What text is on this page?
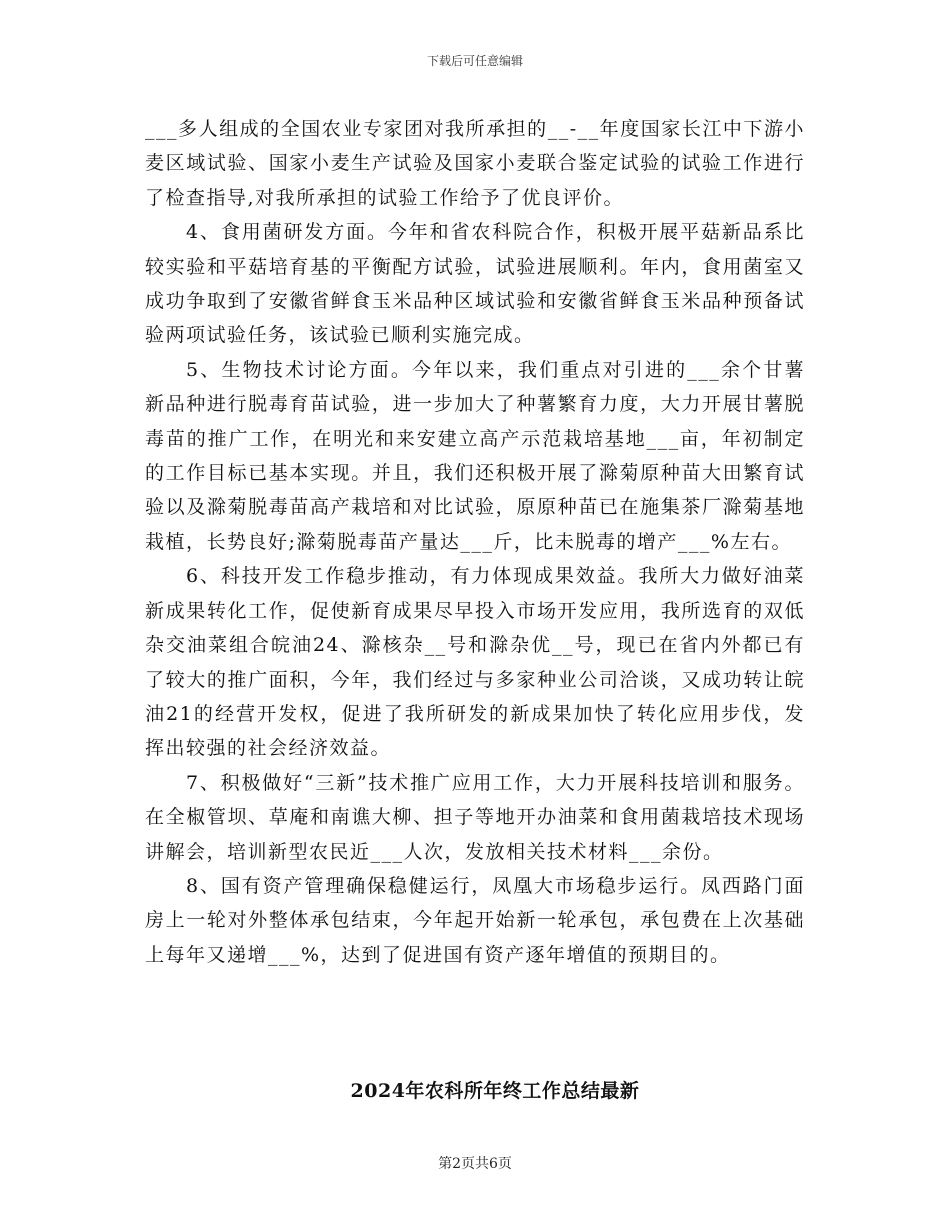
下载后可任意编辑

___多人组成的全国农业专家团对我所承担的__-__年度国家长江中下游小麦区域试验、国家小麦生产试验及国家小麦联合鉴定试验的试验工作进行了检查指导,对我所承担的试验工作给予了优良评价。

4、食用菌研发方面。今年和省农科院合作，积极开展平菇新品系比较实验和平菇培育基的平衡配方试验，试验进展顺利。年内，食用菌室又成功争取到了安徽省鲜食玉米品种区域试验和安徽省鲜食玉米品种预备试验两项试验任务，该试验已顺利实施完成。

5、生物技术讨论方面。今年以来，我们重点对引进的___余个甘薯新品种进行脱毒育苗试验，进一步加大了种薯繁育力度，大力开展甘薯脱毒苗的推广工作，在明光和来安建立高产示范栽培基地___亩，年初制定的工作目标已基本实现。并且，我们还积极开展了滁菊原种苗大田繁育试验以及滁菊脱毒苗高产栽培和对比试验，原原种苗已在施集茶厂滁菊基地栽植，长势良好;滁菊脱毒苗产量达___斤，比未脱毒的增产___%左右。

6、科技开发工作稳步推动，有力体现成果效益。我所大力做好油菜新成果转化工作，促使新育成果尽早投入市场开发应用，我所选育的双低杂交油菜组合皖油24、滁核杂__号和滁杂优__号，现已在省内外都已有了较大的推广面积，今年，我们经过与多家种业公司洽谈，又成功转让皖油21的经营开发权，促进了我所研发的新成果加快了转化应用步伐，发挥出较强的社会经济效益。

7、积极做好“三新”技术推广应用工作，大力开展科技培训和服务。在全椒管坝、草庵和南谯大柳、担子等地开办油菜和食用菌栽培技术现场讲解会，培训新型农民近___人次，发放相关技术材料___余份。

8、国有资产管理确保稳健运行，凤凰大市场稳步运行。凤西路门面房上一轮对外整体承包结束，今年起开始新一轮承包，承包费在上次基础上每年又递增___%，达到了促进国有资产逐年增值的预期目的。

2024年农科所年终工作总结最新
第2页共6页
